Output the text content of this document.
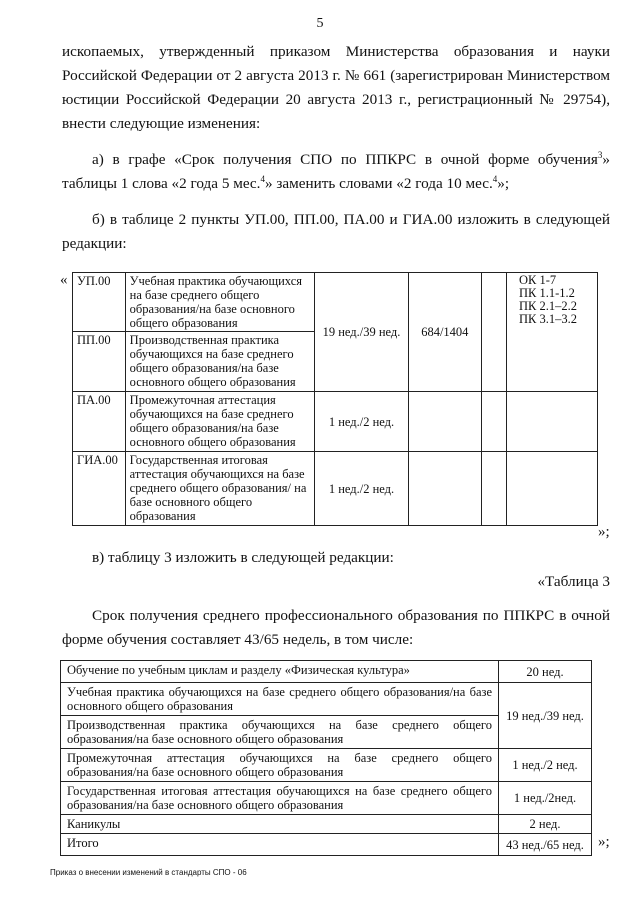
5
ископаемых, утвержденный приказом Министерства образования и науки
Российской Федерации от 2 августа 2013 г. № 661 (зарегистрирован Министерством
юстиции Российской Федерации 20 августа 2013 г., регистрационный № 29754),
внести следующие изменения:
а) в графе «Срок получения СПО по ППКРС в очной форме обучения$^3$»
таблицы 1 слова «2 года 5 мес.$^4$» заменить словами «2 года 10 мес.$^4$»;
б) в таблице 2 пункты УП.00, ПП.00, ПА.00 и ГИА.00 изложить в следующей
редакции:
« УП.00	Учебная практика обучающихся на базе среднего общего образования/на базе основного общего образования	19 нед./39 нед.	684/1404		ОК 1-7
ПК 1.1-1.2
ПК 2.1–2.2
ПК 3.1–3.2

ПП.00	Производственная практика обучающихся на базе среднего общего образования/на базе основного общего образования				
ПА.00	Промежуточная аттестация обучающихся на базе среднего общего образования/на базе основного общего образования	1 нед./2 нед.			
ГИА.00	Государственная итоговая аттестация обучающихся на базе среднего общего образования/ на базе основного общего образования	1 нед./2 нед.			
»;
в) таблицу 3 изложить в следующей редакции:
«Таблица 3
Срок получения среднего профессионального образования по ППКРС в очной
форме обучения составляет 43/65 недель, в том числе:
Обучение по учебным циклам и разделу «Физическая культура»	20 нед.
Учебная практика обучающихся на базе среднего общего образования/на базе основного общего образования	19 нед./39 нед.
Производственная практика обучающихся на базе среднего общего образования/на базе основного общего образования	
Промежуточная аттестация обучающихся на базе среднего общего образования/на базе основного общего образования	1 нед./2 нед.
Государственная итоговая аттестация обучающихся на базе среднего общего образования/на базе основного общего образования	1 нед./2нед.
Каникулы	2 нед.
Итого	43 нед./65 нед. »;
Приказ о внесении изменений в стандарты СПО - 06
